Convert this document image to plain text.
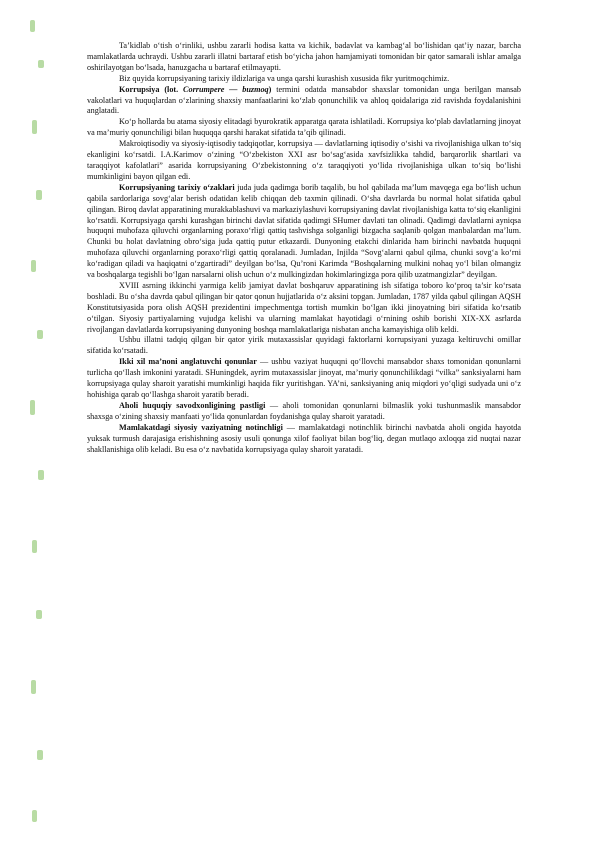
Ta’kidlab o‘tish o‘rinliki, ushbu zararli hodisa katta va kichik, badavlat va kambag‘al bo‘lishidan qat’iy nazar, barcha mamlakatlarda uchraydi. Ushbu zararli illatni bartaraf etish bo‘yicha jahon hamjamiyati tomonidan bir qator samarali ishlar amalga oshirilayotgan bo‘lsada, hanuzgacha u bartaraf etilmayapti.

Biz quyida korrupsiyaning tarixiy ildizlariga va unga qarshi kurashish xususida fikr yuritmoqchimiz.

Korrupsiya (lot. Corrumpere — buzmoq) termini odatda mansabdor shaxslar tomonidan unga berilgan mansab vakolatlari va huquqlardan o‘zlarining shaxsiy manfaatlarini ko‘zlab qonunchilik va ahloq qoidalariga zid ravishda foydalanishini anglatadi.

Ko‘p hollarda bu atama siyosiy elitadagi byurokratik apparatga qarata ishlatiladi. Korrupsiya ko‘plab davlatlarning jinoyat va ma’muriy qonunchiligi bilan huquqqa qarshi harakat sifatida ta’qib qilinadi.

Makroiqtisodiy va siyosiy-iqtisodiy tadqiqotlar, korrupsiya — davlatlarning iqtisodiy o‘sishi va rivojlanishiga ulkan to‘siq ekanligini ko‘rsatdi. I.A.Karimov o‘zining “O‘zbekiston XXI asr bo‘sag‘asida xavfsizlikka tahdid, barqarorlik shartlari va taraqqiyot kafolatlari” asarida korrupsiyaning O‘zbekistonning o‘z taraqqiyoti yo‘lida rivojlanishiga ulkan to‘siq bo‘lishi mumkinligini bayon qilgan edi.

Korrupsiyaning tarixiy o‘zaklari juda juda qadimga borib taqalib, bu hol qabilada ma’lum mavqega ega bo‘lish uchun qabila sardorlariga sovg‘alar berish odatidan kelib chiqqan deb taxmin qilinadi. O‘sha davrlarda bu normal holat sifatida qabul qilingan. Biroq davlat apparatining murakkablashuvi va markaziylashuvi korrupsiyaning davlat rivojlanishiga katta to‘siq ekanligini ko‘rsatdi. Korrupsiyaga qarshi kurashgan birinchi davlat sifatida qadimgi SHumer davlati tan olinadi. Qadimgi davlatlarni ayniqsa huquqni muhofaza qiluvchi organlarning poraxo‘rligi qattiq tashvishga solganligi bizgacha saqlanib qolgan manbalardan ma’lum. Chunki bu holat davlatning obro‘siga juda qattiq putur etkazardi. Dunyoning etakchi dinlarida ham birinchi navbatda huquqni muhofaza qiluvchi organlarning poraxo‘rligi qattiq qoralanadi. Jumladan, Injilda “Sovg‘alarni qabul qilma, chunki sovg‘a ko‘rni ko‘radigan qiladi va haqiqatni o‘zgartiradi” deyilgan bo‘lsa, Qu’roni Karimda “Boshqalarning mulkini nohaq yo‘l bilan olmangiz va boshqalarga tegishli bo‘lgan narsalarni olish uchun o‘z mulkingizdan hokimlaringizga pora qilib uzatmangizlar” deyilgan.

XVIII asrning ikkinchi yarmiga kelib jamiyat davlat boshqaruv apparatining ish sifatiga toborо ko‘proq ta’sir ko‘rsata boshladi. Bu o‘sha davrda qabul qilingan bir qator qonun hujjatlarida o‘z aksini topgan. Jumladan, 1787 yilda qabul qilingan AQSH Konstitutsiyasida pora olish AQSH prezidentini impechmentga tortish mumkin bo‘lgan ikki jinoyatning biri sifatida ko‘rsatib o‘tilgan. Siyosiy partiyalarning vujudga kelishi va ularning mamlakat hayotidagi o‘rnining oshib borishi XIX-XX asrlarda rivojlangan davlatlarda korrupsiyaning dunyoning boshqa mamlakatlariga nisbatan ancha kamayishiga olib keldi.

Ushbu illatni tadqiq qilgan bir qator yirik mutaxassislar quyidagi faktorlarni korrupsiyani yuzaga keltiruvchi omillar sifatida ko‘rsatadi.

Ikki xil ma’noni anglatuvchi qonunlar — ushbu vaziyat huquqni qo‘llovchi mansabdor shaxs tomonidan qonunlarni turlicha qo‘llash imkonini yaratadi. SHuningdek, ayrim mutaxassislar jinoyat, ma’muriy qonunchilikdagi “vilka” sanksiyalarni ham korrupsiyaga qulay sharoit yaratishi mumkinligi haqida fikr yuritishgan. YA’ni, sanksiyaning aniq miqdori yo‘qligi sudyada uni o‘z hohishiga qarab qo‘llashga sharoit yaratib beradi.

Aholi huquqiy savodxonligining pastligi — aholi tomonidan qonunlarni bilmaslik yoki tushunmaslik mansabdor shaxsga o‘zining shaxsiy manfaati yo‘lida qonunlardan foydanishga qulay sharoit yaratadi.

Mamlakatdagi siyosiy vaziyatning notinchligi — mamlakatdagi notinchlik birinchi navbatda aholi ongida hayotda yuksak turmush darajasiga erishishning asosiy usuli qonunga xilof faoliyat bilan bog‘liq, degan mutlaqo axloqqa zid nuqtai nazar shakllanishiga olib keladi. Bu esa o‘z navbatida korrupsiyaga qulay sharoit yaratadi.
